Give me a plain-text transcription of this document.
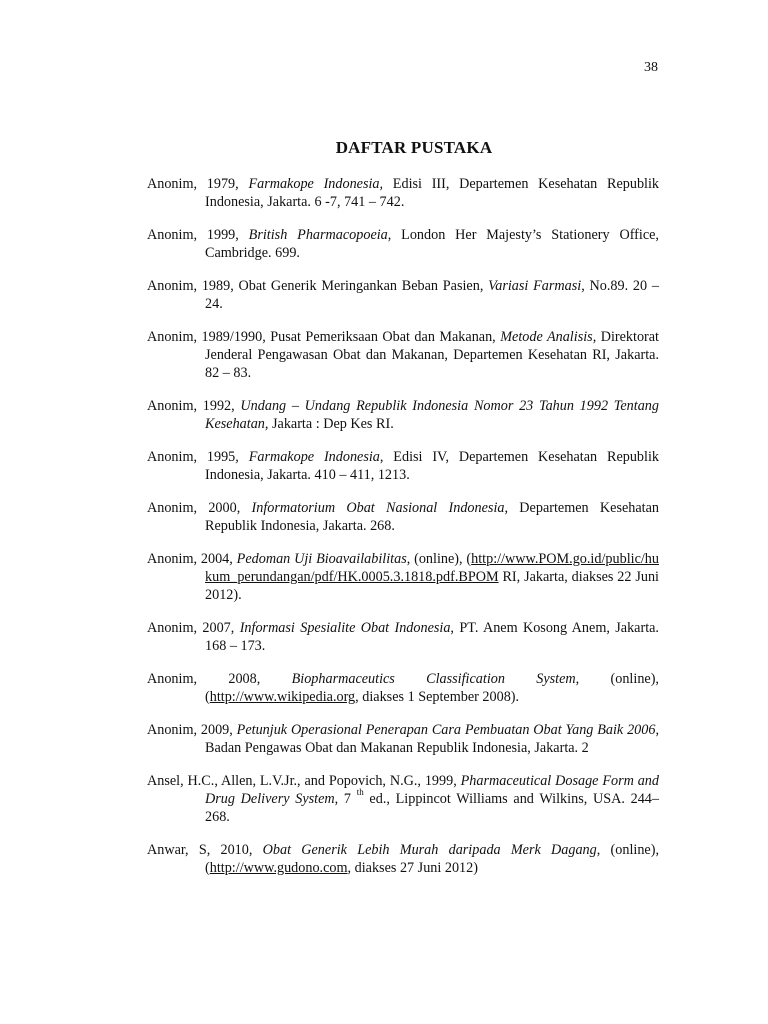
38
DAFTAR PUSTAKA

Anonim, 1979, Farmakope Indonesia, Edisi III, Departemen Kesehatan Republik Indonesia, Jakarta. 6 -7, 741 – 742.

Anonim, 1999, British Pharmacopoeia, London Her Majesty’s Stationery Office, Cambridge. 699.

Anonim, 1989, Obat Generik Meringankan Beban Pasien, Variasi Farmasi, No.89. 20 – 24.

Anonim, 1989/1990, Pusat Pemeriksaan Obat dan Makanan, Metode Analisis, Direktorat Jenderal Pengawasan Obat dan Makanan, Departemen Kesehatan RI, Jakarta. 82 – 83.

Anonim, 1992, Undang – Undang Republik Indonesia Nomor 23 Tahun 1992 Tentang Kesehatan, Jakarta : Dep Kes RI.

Anonim, 1995, Farmakope Indonesia, Edisi IV, Departemen Kesehatan Republik Indonesia, Jakarta. 410 – 411, 1213.

Anonim, 2000, Informatorium Obat Nasional Indonesia, Departemen Kesehatan Republik Indonesia, Jakarta. 268.

Anonim, 2004, Pedoman Uji Bioavailabilitas, (online), (http://www.POM.go.id/public/hukum_perundangan/pdf/HK.0005.3.1818.pdf.BPOM RI, Jakarta, diakses 22 Juni 2012).

Anonim, 2007, Informasi Spesialite Obat Indonesia, PT. Anem Kosong Anem, Jakarta. 168 – 173.

Anonim, 2008, Biopharmaceutics Classification System, (online), (http://www.wikipedia.org, diakses 1 September 2008).

Anonim, 2009, Petunjuk Operasional Penerapan Cara Pembuatan Obat Yang Baik 2006, Badan Pengawas Obat dan Makanan Republik Indonesia, Jakarta. 2

Ansel, H.C., Allen, L.V.Jr., and Popovich, N.G., 1999, Pharmaceutical Dosage Form and Drug Delivery System, 7 $^{th}$ ed., Lippincot Williams and Wilkins, USA. 244–268.

Anwar, S, 2010, Obat Generik Lebih Murah daripada Merk Dagang, (online), (http://www.gudono.com, diakses 27 Juni 2012)
